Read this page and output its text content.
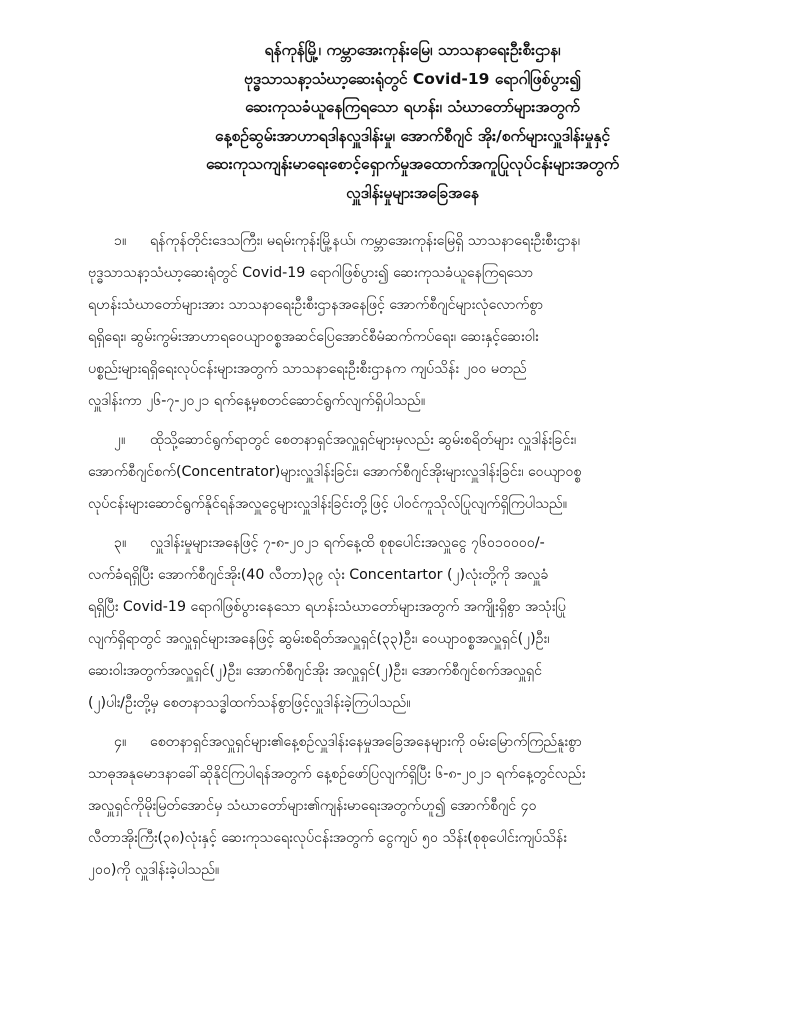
ရန်ကုန်မြို့၊ ကမ္ဘာအေးကုန်းမြေ၊ သာသနာရေးဦးစီးဌာန၊
ဗုဒ္ဓသာသနာ့သံဃာ့ဆေးရုံတွင် Covid-19 ရောဂါဖြစ်ပွား၍
ဆေးကုသခံယူနေကြရသော ရဟန်း၊ သံဃာတော်များအတွက်
နေ့စဉ်ဆွမ်းအာဟာရဒါနလှူဒါန်းမှု၊ အောက်စီဂျင် အိုး/စက်များလှူဒါန်းမှုနှင့်
ဆေးကုသကျန်းမာရေးစောင့်ရှောက်မှုအထောက်အကူပြုလုပ်ငန်းများအတွက်
လှူဒါန်းမှုများအခြေအနေ
၁။ ရန်ကုန်တိုင်းဒေသကြီး၊ မရမ်းကုန်းမြို့နယ်၊ ကမ္ဘာအေးကုန်းမြေရှိ သာသနာရေးဦးစီးဌာန၊
ဗုဒ္ဓသာသနာ့သံဃာ့ဆေးရုံတွင် Covid-19 ရောဂါဖြစ်ပွား၍ ဆေးကုသခံယူနေကြရသော
ရဟန်းသံဃာတော်များအား သာသနာရေးဦးစီးဌာနအနေဖြင့် အောက်စီဂျင်များလုံလောက်စွာ
ရရှိရေး၊ ဆွမ်းကွမ်းအာဟာရဝေယျာဝစ္စအဆင်ပြေအောင်စီမံဆက်ကပ်ရေး၊ ဆေးနှင့်ဆေးဝါး
ပစ္စည်းများရရှိရေးလုပ်ငန်းများအတွက် သာသနာရေးဦးစီးဌာနက ကျပ်သိန်း ၂၀၀ မတည်
လှူဒါန်းကာ ၂၆-၇-၂၀၂၁ ရက်နေ့မှစတင်ဆောင်ရွက်လျက်ရှိပါသည်။
၂။ ထိုသို့ဆောင်ရွက်ရာတွင် စေတနာရှင်အလှူရှင်များမှလည်း ဆွမ်းစရိတ်များ လှူဒါန်းခြင်း၊
အောက်စီဂျင်စက်(Concentrator)များလှူဒါန်းခြင်း၊ အောက်စီဂျင်အိုးများလှူဒါန်းခြင်း၊ ဝေယျာဝစ္စ
လုပ်ငန်းများဆောင်ရွက်နိုင်ရန်အလှူငွေများလှူဒါန်းခြင်းတို့ဖြင့် ပါဝင်ကူသိုလ်ပြုလျက်ရှိကြပါသည်။
၃။ လှူဒါန်းမှုများအနေဖြင့် ၇-၈-၂၀၂၁ ရက်နေ့ထိ စုစုပေါင်းအလှူငွေ ၇၆၀၁၀၀၀၀/-
လက်ခံရရှိပြီး အောက်စီဂျင်အိုး(40 လီတာ)၃၉ လုံး Concentartor (၂)လုံးတို့ကို အလှူခံ
ရရှိပြီး Covid-19 ရောဂါဖြစ်ပွားနေသော ရဟန်းသံဃာတော်များအတွက် အကျိုးရှိစွာ အသုံးပြု
လျက်ရှိရာတွင် အလှူရှင်များအနေဖြင့် ဆွမ်းစရိတ်အလှူရှင်(၃၃)ဦး၊ ဝေယျာဝစ္စအလှူရှင်(၂)ဦး၊
ဆေးဝါးအတွက်အလှူရှင်(၂)ဦး၊ အောက်စီဂျင်အိုး အလှူရှင်(၂)ဦး၊ အောက်စီဂျင်စက်အလှူရှင်
(၂)ပါး/ဦးတို့မှ စေတနာသဒ္ဓါထက်သန်စွာဖြင့်လှူဒါန်းခဲ့ကြပါသည်။
၄။ စေတနာရှင်အလှူရှင်များ၏နေ့စဉ်လှူဒါန်းနေမှုအခြေအနေများကို ဝမ်းမြောက်ကြည်နူးစွာ
သာဓုအနုမောဒနာခေါ်ဆိုနိုင်ကြပါရန်အတွက် နေ့စဉ်ဖော်ပြလျက်ရှိပြီး ၆-၈-၂၀၂၁ ရက်နေ့တွင်လည်း
အလှူရှင်ကိုမိုးမြတ်အောင်မှ သံဃာတော်များ၏ကျန်းမာရေးအတွက်ဟူ၍ အောက်စီဂျင် ၄၀
လီတာအိုးကြီး(၃၈)လုံးနှင့် ဆေးကုသရေးလုပ်ငန်းအတွက် ငွေကျပ် ၅၀ သိန်း(စုစုပေါင်းကျပ်သိန်း
၂၀၀)ကို လှူဒါန်းခဲ့ပါသည်။
